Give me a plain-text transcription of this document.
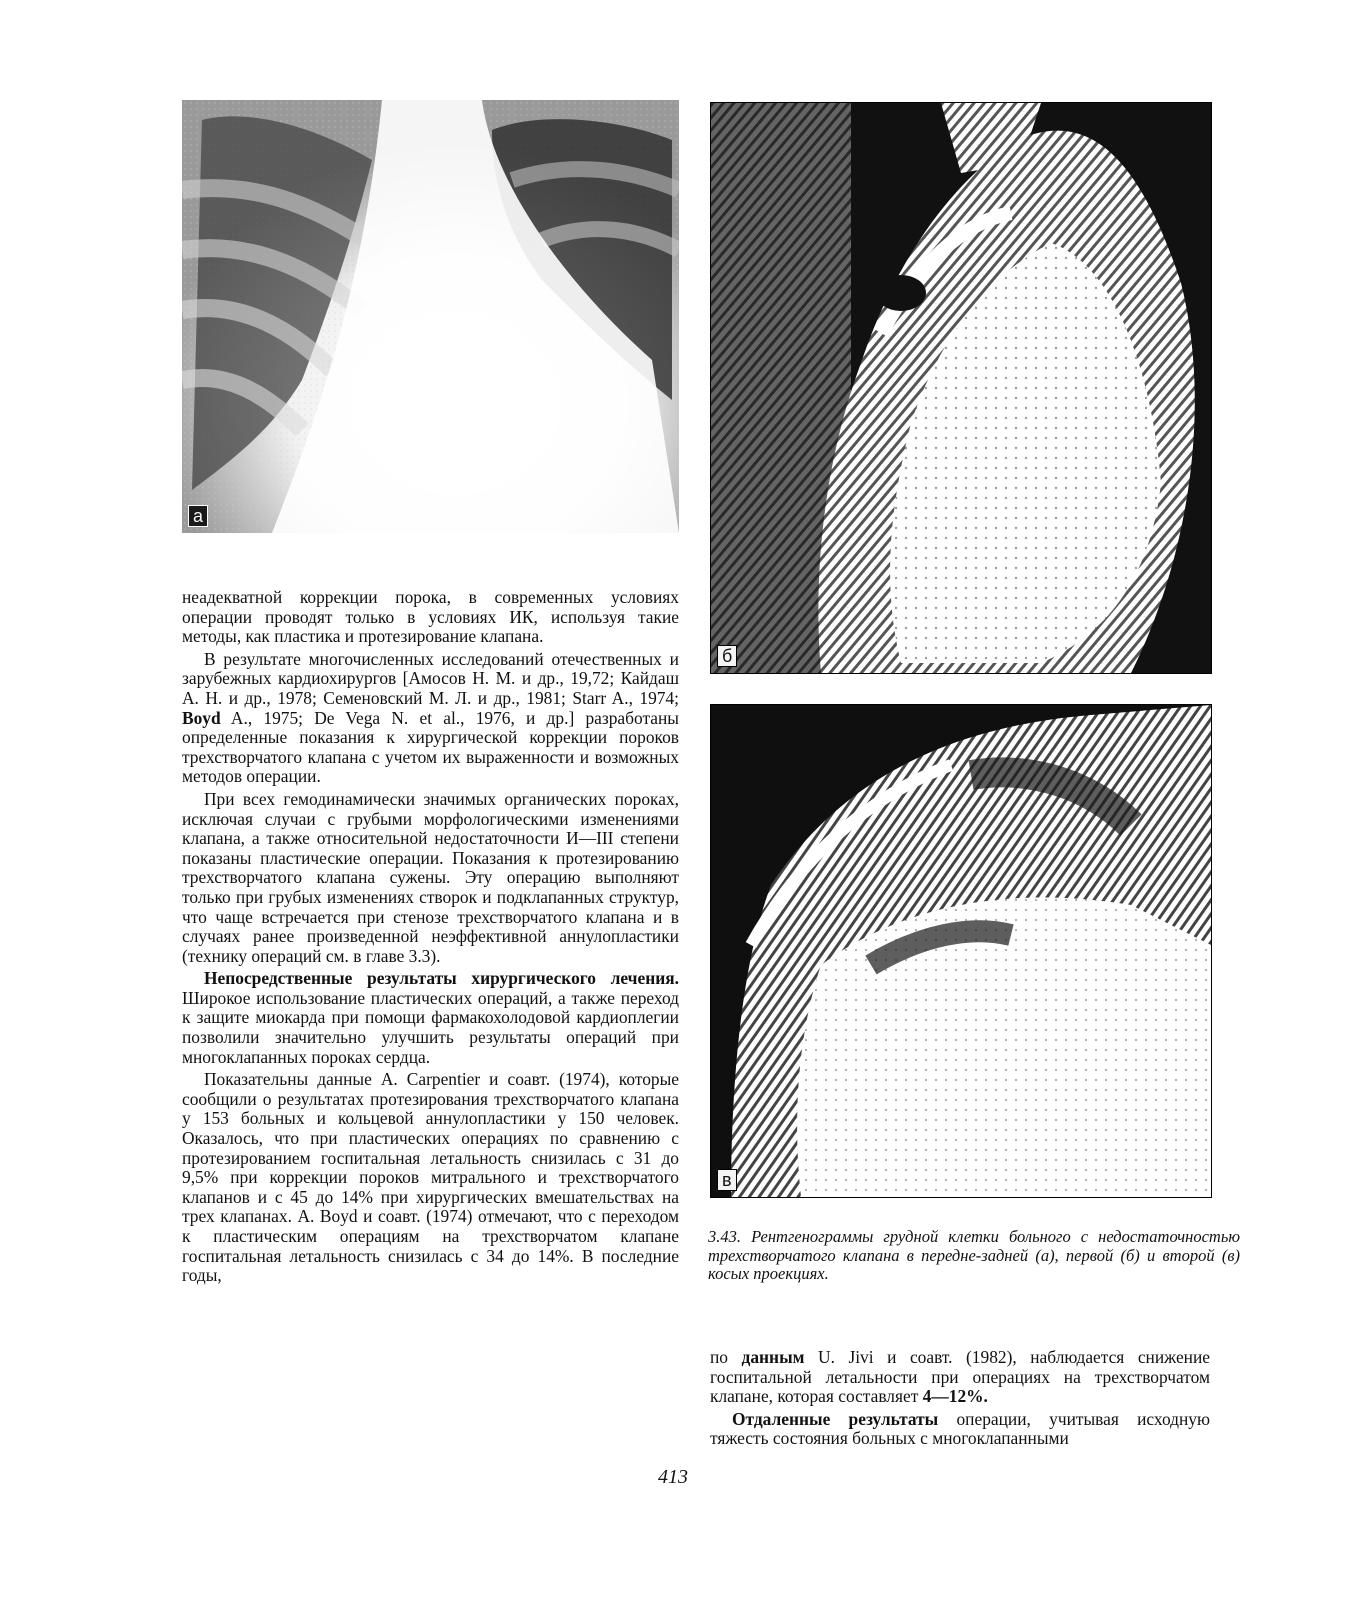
а
б
в

неадекватной коррекции порока, в современных условиях операции проводят только в условиях ИК, используя такие методы, как пластика и протезирование клапана.

В результате многочисленных исследований отечественных и зарубежных кардиохирургов [Амосов Н. М. и др., 19,72; Кайдаш А. Н. и др., 1978; Семеновский М. Л. и др., 1981; Starr A., 1974; Boyd A., 1975; De Vega N. et al., 1976, и др.] разработаны определенные показания к хирургической коррекции пороков трехстворчатого клапана с учетом их выраженности и возможных методов операции.

При всех гемодинамически значимых органических пороках, исключая случаи с грубыми морфологическими изменениями клапана, а также относительной недостаточности И—III степени показаны пластические операции. Показания к протезированию трехстворчатого клапана сужены. Эту операцию выполняют только при грубых изменениях створок и подклапанных структур, что чаще встречается при стенозе трехстворчатого клапана и в случаях ранее произведенной неэффективной аннулопластики (технику операций см. в главе 3.3).

Непосредственные результаты хирургического лечения. Широкое использование пластических операций, а также переход к защите миокарда при помощи фармакохолодовой кардиоплегии позволили значительно улучшить результаты операций при многоклапанных пороках сердца.

Показательны данные A. Carpentier и соавт. (1974), которые сообщили о результатах протезирования трехстворчатого клапана у 153 больных и кольцевой аннулопластики у 150 человек. Оказалось, что при пластических операциях по сравнению с протезированием госпитальная летальность снизилась с 31 до 9,5% при коррекции пороков митрального и трехстворчатого клапанов и с 45 до 14% при хирургических вмешательствах на трех клапанах. A. Boyd и соавт. (1974) отмечают, что с переходом к пластическим операциям на трехстворчатом клапане госпитальная летальность снизилась с 34 до 14%. В последние годы,

3.43. Рентгенограммы грудной клетки больного с недостаточностью трехстворчатого клапана в передне-задней (а), первой (б) и второй (в) косых проекциях.

по данным U. Jivi и соавт. (1982), наблюдается снижение госпитальной летальности при операциях на трехстворчатом клапане, которая составляет 4—12%.

Отдаленные результаты операции, учитывая исходную тяжесть состояния больных с многоклапанными

413
